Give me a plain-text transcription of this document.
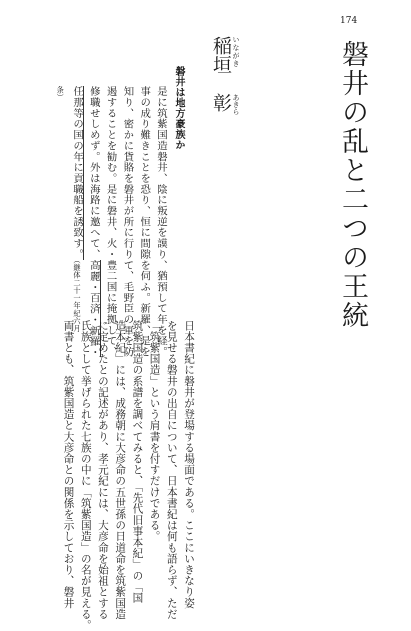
174
磐井の乱と二つの王統
いながき
あきら
稲垣　彰
磐井は地方豪族か
是に筑紫国造磐井、陰に叛逆を謨り、猶預して年を経。
事の成り難きことを恐り、恒に間隙を伺ふ。新羅、是を
知り、密かに貨賂を磐井が所に行りて、毛野臣の軍を防
遏することを勧む。是に磐井、火・豊二国に掩拠して、
修職せしめず。外は海路に邀へて、高麗・百済・新羅・
任那等の国の年に貢職船を誘致す。（継体二十一年紀六月
条）
日本書紀に磐井が登場する場面である。ここにいきなり姿
を見せる磐井の出自について、日本書紀は何も語らず、ただ
「筑紫国造」という肩書を付すだけである。
筑紫国造の系譜を調べてみると、「先代旧事本紀」の「国
造本紀」には、成務朝に大彦命の五世孫の日道命を筑紫国造
に定めたとの記述があり、孝元紀には、大彦命を始祖とする
氏族として挙げられた七族の中に「筑紫国造」の名が見える。
両書とも、筑紫国造と大彦命との関係を示しており、磐井
